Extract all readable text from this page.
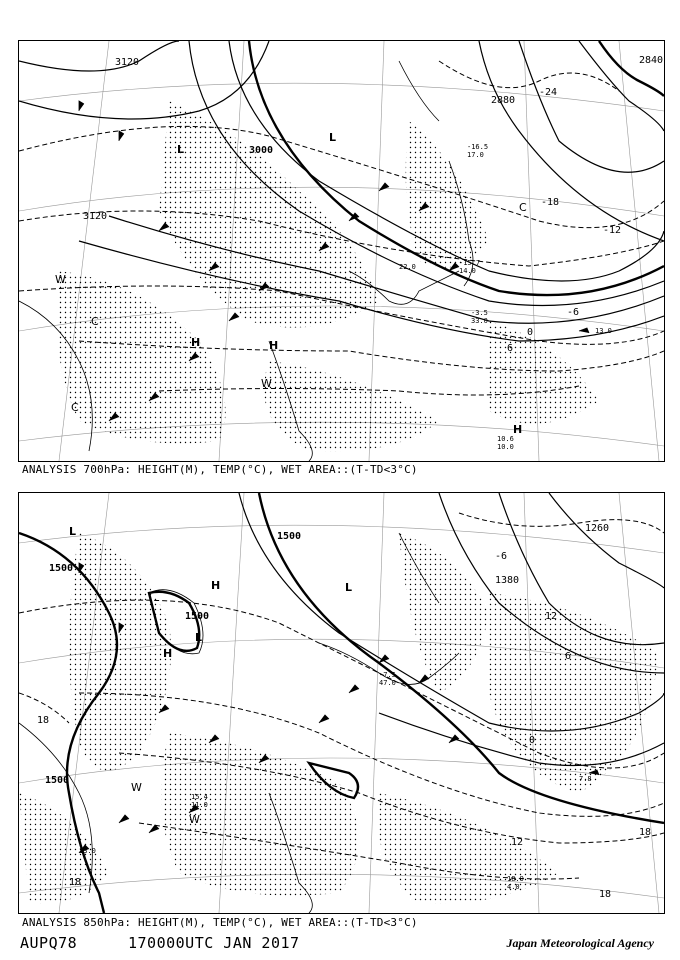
3120
3000
2840
3120
2880
-18
-12
-6
0
6
-24
L
L
H	H
H
W
W
C
C
C
-15.7
14.0
-3.5
33.0
10.6
10.0
-16.5
17.0
22.0
13.0
ANALYSIS 700hPa: HEIGHT(M), TEMP(°C), WET AREA::(T-TD<3°C)
1500
1500
1500
1500
1380
1260
18
18
12
12
6
0
-6
18
18
L
L
H
H
W
W
L
-7.5
47.0
4.0
18.9
11.0
15.4
7.8
13.0
ANALYSIS 850hPa: HEIGHT(M), TEMP(°C), WET AREA::(T-TD<3°C)
AUPQ78	170000UTC JAN 2017	Japan Meteorological Agency
